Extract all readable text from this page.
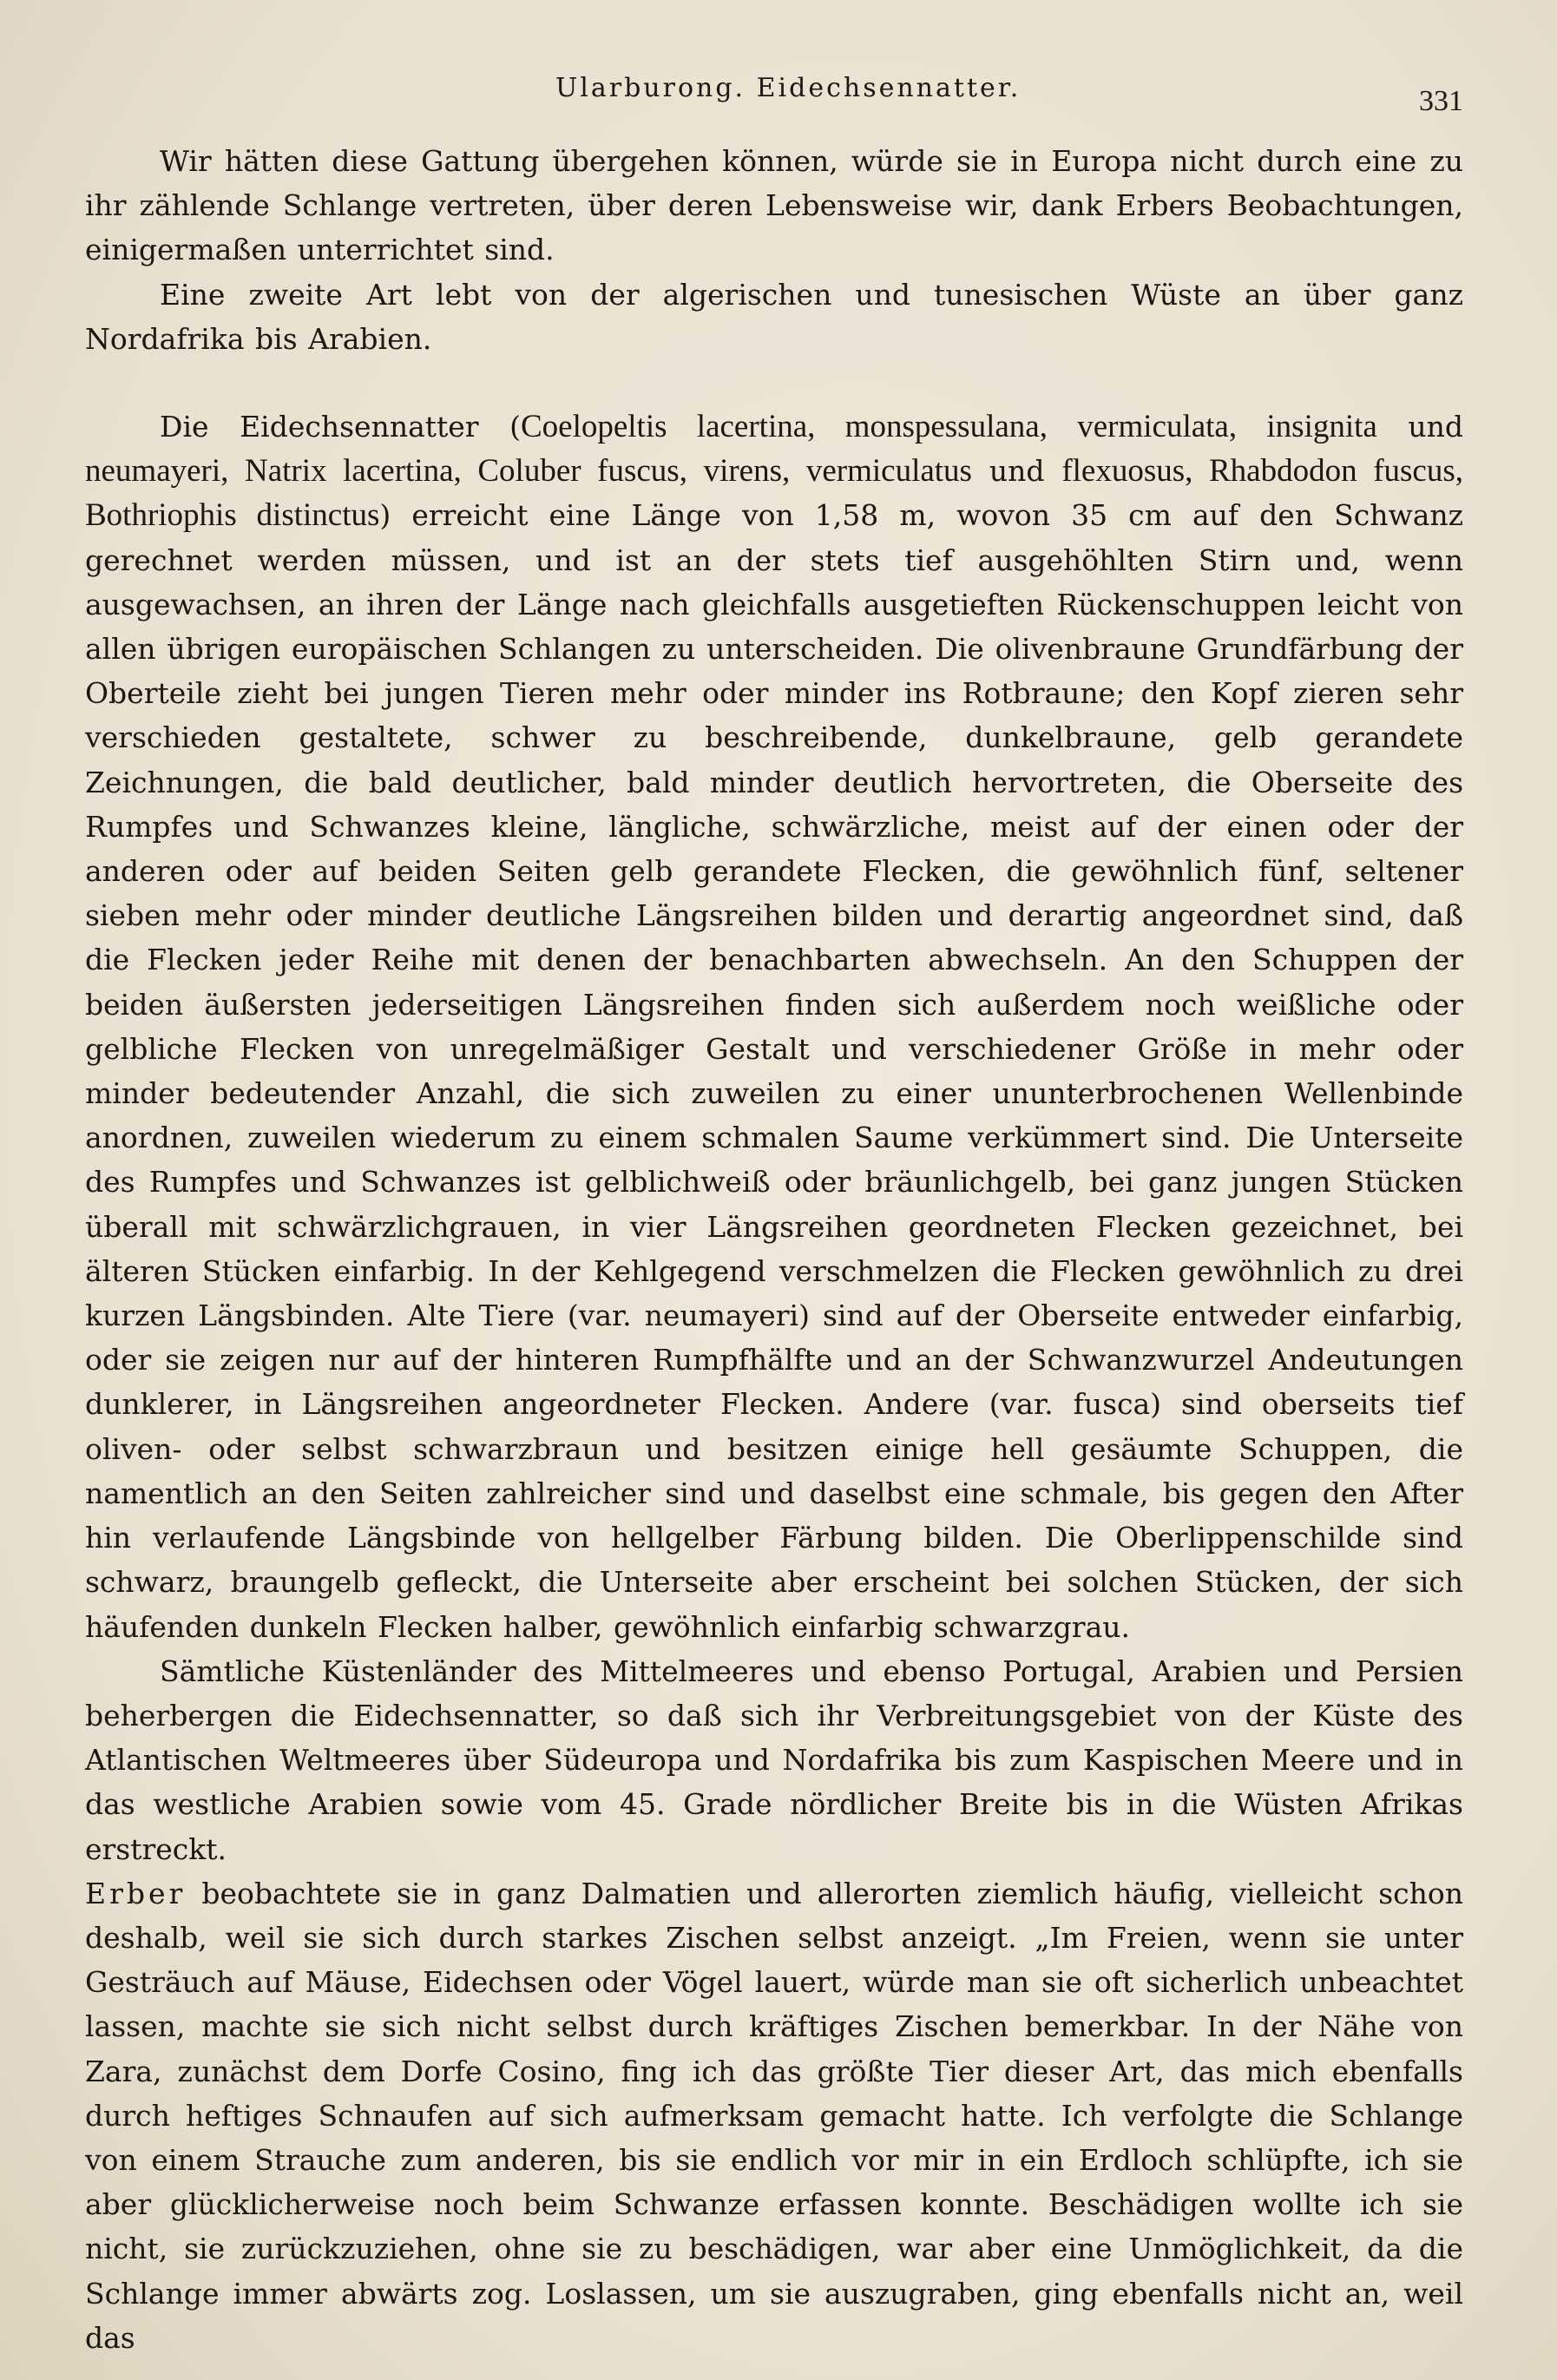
Ularburong. Eidechsennatter.	331

Wir hätten diese Gattung übergehen können, würde sie in Europa nicht durch eine zu ihr zählende Schlange vertreten, über deren Lebensweise wir, dank Erbers Beobachtungen, einigermaßen unterrichtet sind.

Eine zweite Art lebt von der algerischen und tunesischen Wüste an über ganz Nordafrika bis Arabien.

Die Eidechsennatter (Coelopeltis lacertina, monspessulana, vermiculata, insignita und neumayeri, Natrix lacertina, Coluber fuscus, virens, vermiculatus und flexuosus, Rhabdodon fuscus, Bothriophis distinctus) erreicht eine Länge von 1,58 m, wovon 35 cm auf den Schwanz gerechnet werden müssen, und ist an der stets tief ausgehöhlten Stirn und, wenn ausgewachsen, an ihren der Länge nach gleichfalls ausgetieften Rückenschuppen leicht von allen übrigen europäischen Schlangen zu unterscheiden. Die olivenbraune Grundfärbung der Oberteile zieht bei jungen Tieren mehr oder minder ins Rotbraune; den Kopf zieren sehr verschieden gestaltete, schwer zu beschreibende, dunkelbraune, gelb gerandete Zeichnungen, die bald deutlicher, bald minder deutlich hervortreten, die Oberseite des Rumpfes und Schwanzes kleine, längliche, schwärzliche, meist auf der einen oder der anderen oder auf beiden Seiten gelb gerandete Flecken, die gewöhnlich fünf, seltener sieben mehr oder minder deutliche Längsreihen bilden und derartig angeordnet sind, daß die Flecken jeder Reihe mit denen der benachbarten abwechseln. An den Schuppen der beiden äußersten jederseitigen Längsreihen finden sich außerdem noch weißliche oder gelbliche Flecken von unregelmäßiger Gestalt und verschiedener Größe in mehr oder minder bedeutender Anzahl, die sich zuweilen zu einer ununterbrochenen Wellenbinde anordnen, zuweilen wiederum zu einem schmalen Saume verkümmert sind. Die Unterseite des Rumpfes und Schwanzes ist gelblichweiß oder bräunlichgelb, bei ganz jungen Stücken überall mit schwärzlichgrauen, in vier Längsreihen geordneten Flecken gezeichnet, bei älteren Stücken einfarbig. In der Kehlgegend verschmelzen die Flecken gewöhnlich zu drei kurzen Längsbinden. Alte Tiere (var. neumayeri) sind auf der Oberseite entweder einfarbig, oder sie zeigen nur auf der hinteren Rumpfhälfte und an der Schwanzwurzel Andeutungen dunklerer, in Längsreihen angeordneter Flecken. Andere (var. fusca) sind oberseits tief oliven- oder selbst schwarzbraun und besitzen einige hell gesäumte Schuppen, die namentlich an den Seiten zahlreicher sind und daselbst eine schmale, bis gegen den After hin verlaufende Längsbinde von hellgelber Färbung bilden. Die Oberlippenschilde sind schwarz, braungelb gefleckt, die Unterseite aber erscheint bei solchen Stücken, der sich häufenden dunkeln Flecken halber, gewöhnlich einfarbig schwarzgrau.

Sämtliche Küstenländer des Mittelmeeres und ebenso Portugal, Arabien und Persien beherbergen die Eidechsennatter, so daß sich ihr Verbreitungsgebiet von der Küste des Atlantischen Weltmeeres über Südeuropa und Nordafrika bis zum Kaspischen Meere und in das westliche Arabien sowie vom 45. Grade nördlicher Breite bis in die Wüsten Afrikas erstreckt.

Erber beobachtete sie in ganz Dalmatien und allerorten ziemlich häufig, vielleicht schon deshalb, weil sie sich durch starkes Zischen selbst anzeigt. „Im Freien, wenn sie unter Gesträuch auf Mäuse, Eidechsen oder Vögel lauert, würde man sie oft sicherlich unbeachtet lassen, machte sie sich nicht selbst durch kräftiges Zischen bemerkbar. In der Nähe von Zara, zunächst dem Dorfe Cosino, fing ich das größte Tier dieser Art, das mich ebenfalls durch heftiges Schnaufen auf sich aufmerksam gemacht hatte. Ich verfolgte die Schlange von einem Strauche zum anderen, bis sie endlich vor mir in ein Erdloch schlüpfte, ich sie aber glücklicherweise noch beim Schwanze erfassen konnte. Beschädigen wollte ich sie nicht, sie zurückzuziehen, ohne sie zu beschädigen, war aber eine Unmöglichkeit, da die Schlange immer abwärts zog. Loslassen, um sie auszugraben, ging ebenfalls nicht an, weil das
